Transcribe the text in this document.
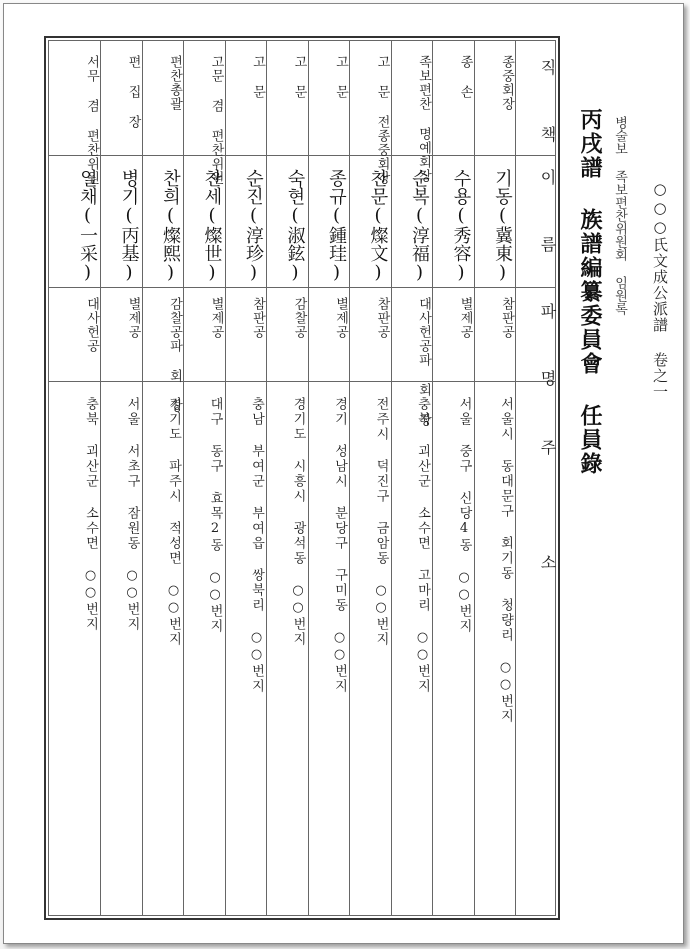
○○○氏文成公派譜 卷之一
병술보 족보편찬위원회 임원록
丙戌譜 族譜編纂委員會 任員錄
직 책
이 름
파 명
주 소
종중회장
기동(冀東)
참판공
서울시 동대문구 회기동 청량리 ○○번지
종 손
수용(秀容)
별제공
서울 중구 신당4동 ○○번지
족보편찬 명예회장
순복(淳福)
대사헌공파 회 장
충북 괴산군 소수면 고마리 ○○번지
고 문 전종중회장
찬문(燦文)
참판공
전주시 덕진구 금암동 ○○번지
고 문
종규(鍾珪)
별제공
경기 성남시 분당구 구미동 ○○번지
고 문
숙현(淑鉉)
감찰공
경기도 시흥시 광석동 ○○번지
고 문
순진(淳珍)
참판공
충남 부여군 부여읍 쌍북리 ○○번지
고문 겸 편찬위원
찬세(燦世)
별제공
대구 동구 효목2동 ○○번지
편찬총괄
찬희(燦熙)
감찰공파 회 장
경기도 파주시 적성면 ○○번지
편 집 장
병기(丙基)
별제공
서울 서초구 잠원동 ○○번지
서무 겸 편찬위원
일채(一采)
대사헌공
충북 괴산군 소수면 ○○번지
